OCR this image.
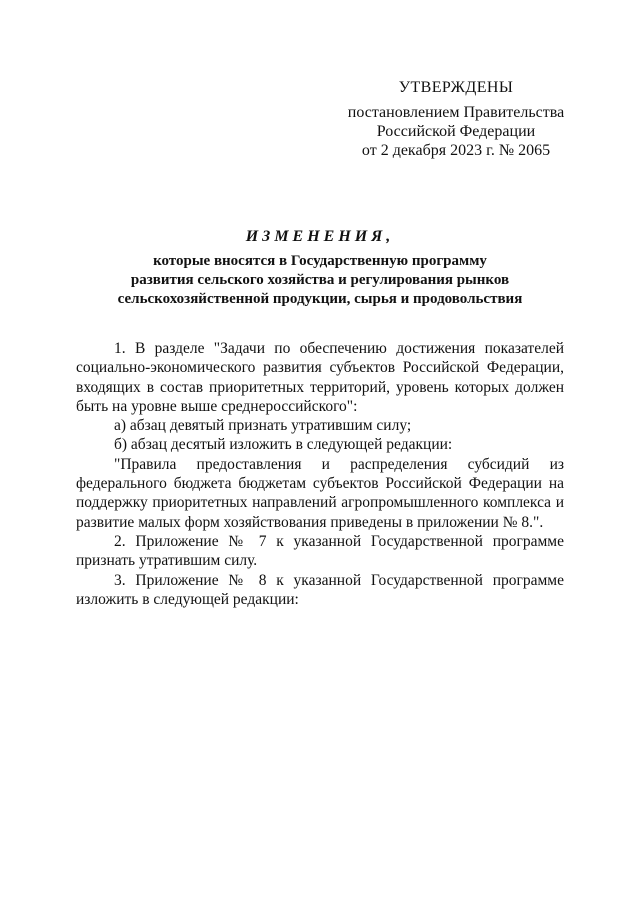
УТВЕРЖДЕНЫ
постановлением Правительства
Российской Федерации
от 2 декабря 2023 г. № 2065
ИЗМЕНЕНИЯ,
которые вносятся в Государственную программу
развития сельского хозяйства и регулирования рынков
сельскохозяйственной продукции, сырья и продовольствия

1. В разделе "Задачи по обеспечению достижения показателей социально-экономического развития субъектов Российской Федерации, входящих в состав приоритетных территорий, уровень которых должен быть на уровне выше среднероссийского":

а) абзац девятый признать утратившим силу;

б) абзац десятый изложить в следующей редакции:

"Правила предоставления и распределения субсидий из федерального бюджета бюджетам субъектов Российской Федерации на поддержку приоритетных направлений агропромышленного комплекса и развитие малых форм хозяйствования приведены в приложении № 8.".

2. Приложение № 7 к указанной Государственной программе признать утратившим силу.

3. Приложение № 8 к указанной Государственной программе изложить в следующей редакции:
